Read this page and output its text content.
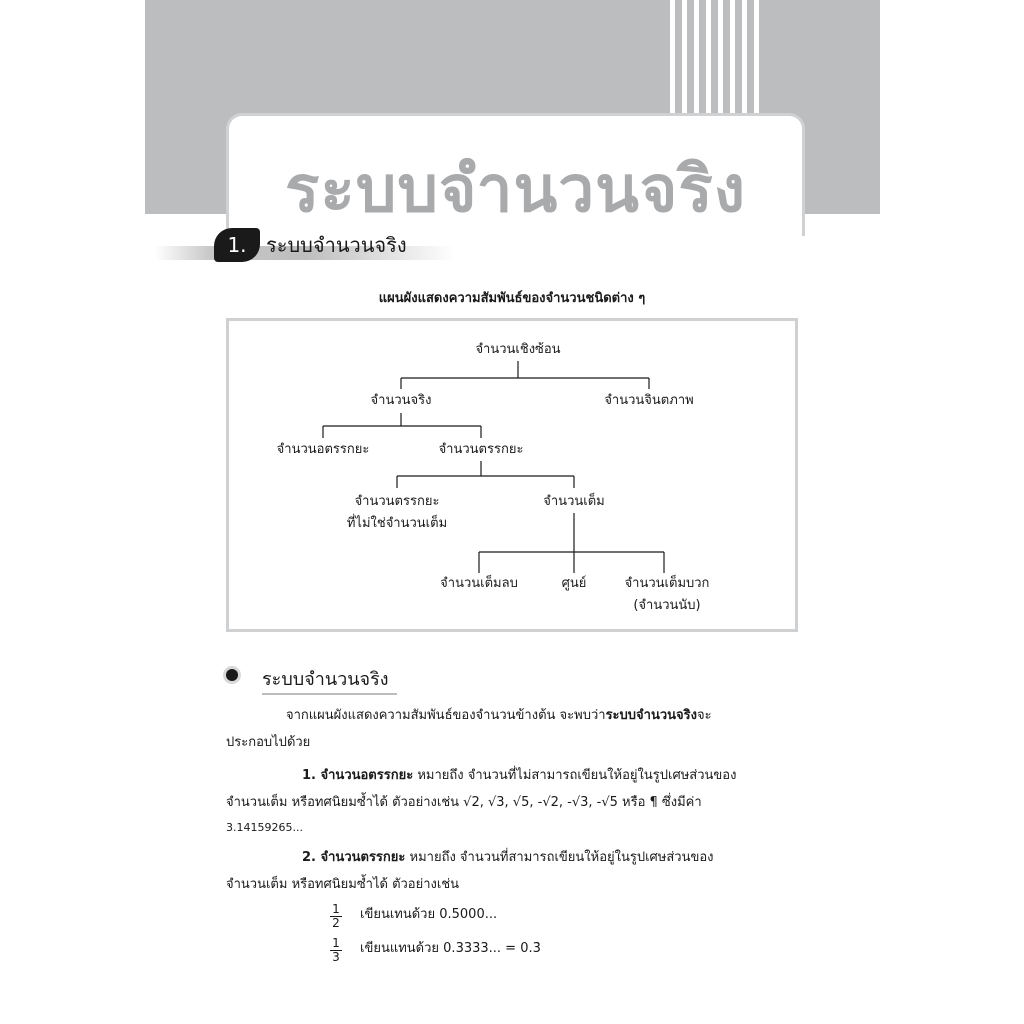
ระบบจำนวนจริง
1. ระบบจำนวนจริง
แผนผังแสดงความสัมพันธ์ของจำนวนชนิดต่าง ๆ
จำนวนเชิงซ้อน
จำนวนจริง	จำนวนจินตภาพ
จำนวนอตรรกยะ	จำนวนตรรกยะ
จำนวนตรรกยะ
ที่ไม่ใช่จำนวนเต็ม
จำนวนเต็ม
จำนวนเต็มลบ	ศูนย์	จำนวนเต็มบวก
(จำนวนนับ)
ระบบจำนวนจริง
จากแผนผังแสดงความสัมพันธ์ของจำนวนข้างต้น จะพบว่าระบบจำนวนจริงจะ
ประกอบไปด้วย
1. จำนวนอตรรกยะ หมายถึง จำนวนที่ไม่สามารถเขียนให้อยู่ในรูปเศษส่วนของ
จำนวนเต็ม หรือทศนิยมซ้ำได้ ตัวอย่างเช่น √2, √3, √5, -√2, -√3, -√5 หรือ ¶ ซึ่งมีค่า
3.14159265...
2. จำนวนตรรกยะ หมายถึง จำนวนที่สามารถเขียนให้อยู่ในรูปเศษส่วนของ
จำนวนเต็ม หรือทศนิยมซ้ำได้ ตัวอย่างเช่น
$\frac{1}{2}$ เขียนเทนด้วย 0.5000...
$\frac{1}{3}$ เขียนแทนด้วย 0.3333... = 0.3̇
